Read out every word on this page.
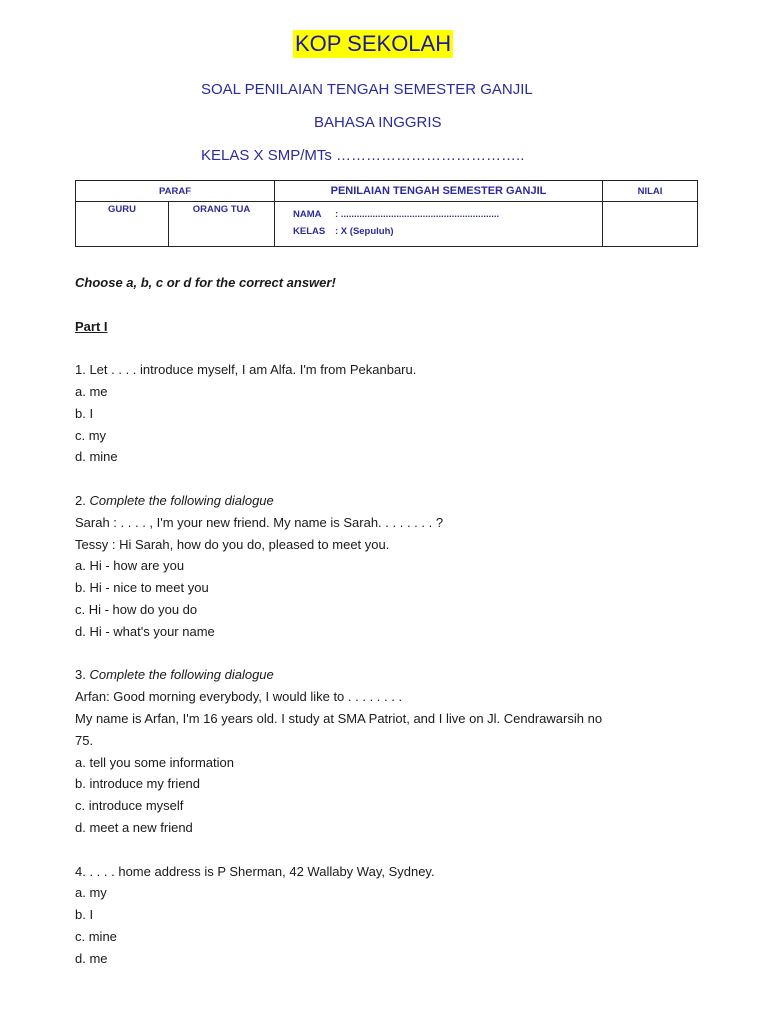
KOP SEKOLAH
SOAL PENILAIAN TENGAH SEMESTER GANJIL
BAHASA INGGRIS
KELAS X SMP/MTs ………………………………..
PARAF		PENILAIAN TENGAH SEMESTER GANJIL	NILAI

GURU	ORANG TUA	NAMA : ............................................................
KELAS : X (Sepuluh)	

Choose a, b, c or d for the correct answer!

Part I

1. Let . . . . introduce myself, I am Alfa. I'm from Pekanbaru.

a. me

b. I

c. my

d. mine

2. Complete the following dialogue

Sarah : . . . . , I'm your new friend. My name is Sarah. . . . . . . . ?

Tessy : Hi Sarah, how do you do, pleased to meet you.

a. Hi - how are you

b. Hi - nice to meet you

c. Hi - how do you do

d. Hi - what's your name

3. Complete the following dialogue

Arfan: Good morning everybody, I would like to . . . . . . . .

My name is Arfan, I'm 16 years old. I study at SMA Patriot, and I live on Jl. Cendrawarsih no

75.

a. tell you some information

b. introduce my friend

c. introduce myself

d. meet a new friend

4. . . . . home address is P Sherman, 42 Wallaby Way, Sydney.

a. my

b. I

c. mine

d. me
